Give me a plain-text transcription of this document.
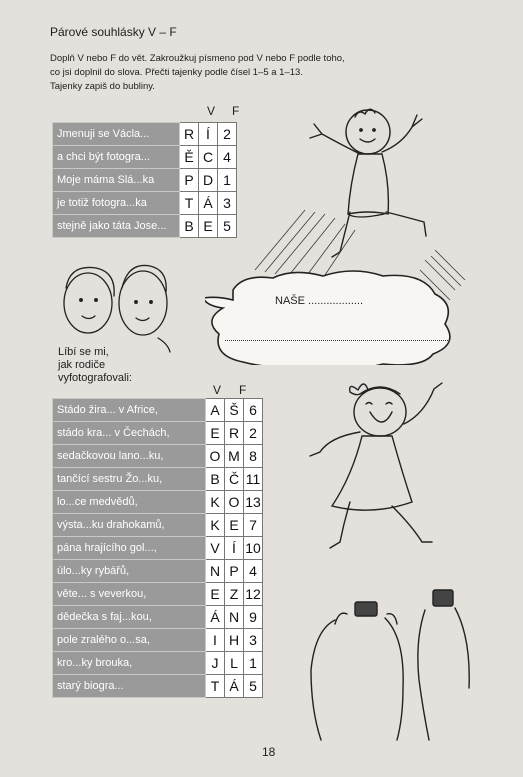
Párové souhlásky V – F
Doplň V nebo F do vět. Zakroužkuj písmeno pod V nebo F podle toho,
co jsi doplnil do slova. Přečti tajenky podle čísel 1–5 a 1–13.
Tajenky zapiš do bubliny.
V F
Jmenuji se Václa...	R	Í	2
a chci být fotogra...	Ě	C	4
Moje máma Slá...ka	P	D	1
je totiž fotogra...ka	T	Á	3
stejně jako táta Jose...	B	E	5
NAŠE ..................
Líbí se mi,
jak rodiče
vyfotografovali:
V F
Stádo žira... v Africe,	A	Š	6
stádo kra... v Čechách,	E	R	2
sedačkovou lano...ku,	O	M	8
tančící sestru Žo...ku,	B	Č	11
lo...ce medvědů,	K	O	13
výsta...ku drahokamů,	K	E	7
pána hrajícího gol...,	V	Í	10
úlo...ky rybářů,	N	P	4
věte... s veverkou,	E	Z	12
dědečka s faj...kou,	Á	N	9
pole zralého o...sa,	I	H	3
kro...ky brouka,	J	L	1
starý biogra...	T	Á	5
18
